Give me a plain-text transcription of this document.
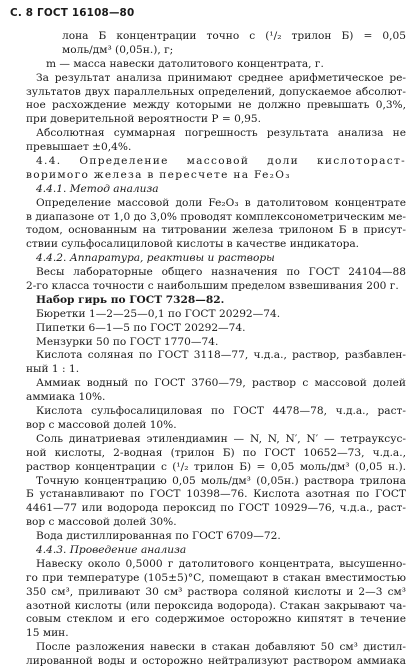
С. 8 ГОСТ 16108—80
лона Б концентрации точно c (¹/₂ трилон Б) = 0,05
моль/дм³ (0,05н.), г;
m — масса навески датолитового концентрата, г.
За результат анализа принимают среднее арифметическое ре-
зультатов двух параллельных определений, допускаемое абсолют-
ное расхождение между которыми не должно превышать 0,3%,
при доверительной вероятности P = 0,95.
Абсолютная суммарная погрешность результата анализа не
превышает ±0,4%.
4.4. Определение массовой доли кислотораст-
воримого железа в пересчете на Fe₂O₃
4.4.1. Метод анализа
Определение массовой доли Fe₂O₃ в датолитовом концентрате
в диапазоне от 1,0 до 3,0% проводят комплексонометрическим ме-
тодом, основанным на титровании железа трилоном Б в присут-
ствии сульфосалициловой кислоты в качестве индикатора.
4.4.2. Аппаратура, реактивы и растворы
Весы лабораторные общего назначения по ГОСТ 24104—88
2-го класса точности с наибольшим пределом взвешивания 200 г.
Набор гирь по ГОСТ 7328—82.
Бюретки 1—2—25—0,1 по ГОСТ 20292—74.
Пипетки 6—1—5 по ГОСТ 20292—74.
Мензурки 50 по ГОСТ 1770—74.
Кислота соляная по ГОСТ 3118—77, ч.д.а., раствор, разбавлен-
ный 1 : 1.
Аммиак водный по ГОСТ 3760—79, раствор с массовой долей
аммиака 10%.
Кислота сульфосалициловая по ГОСТ 4478—78, ч.д.а., раст-
вор с массовой долей 10%.
Соль динатриевая этилендиамин — N, N, N′, N′ — тетрауксус-
ной кислоты, 2-водная (трилон Б) по ГОСТ 10652—73, ч.д.а.,
раствор концентрации c (¹/₂ трилон Б) = 0,05 моль/дм³ (0,05 н.).
Точную концентрацию 0,05 моль/дм³ (0,05н.) раствора трилона
Б устанавливают по ГОСТ 10398—76. Кислота азотная по ГОСТ
4461—77 или водорода пероксид по ГОСТ 10929—76, ч.д.а., раст-
вор с массовой долей 30%.
Вода дистиллированная по ГОСТ 6709—72.
4.4.3. Проведение анализа
Навеску около 0,5000 г датолитового концентрата, высушенно-
го при температуре (105±5)°С, помещают в стакан вместимостью
350 см³, приливают 30 см³ раствора соляной кислоты и 2—3 см³
азотной кислоты (или пероксида водорода). Стакан закрывают ча-
совым стеклом и его содержимое осторожно кипятят в течение
15 мин.
После разложения навески в стакан добавляют 50 см³ дистил-
лированной воды и осторожно нейтрализуют раствором аммиака
